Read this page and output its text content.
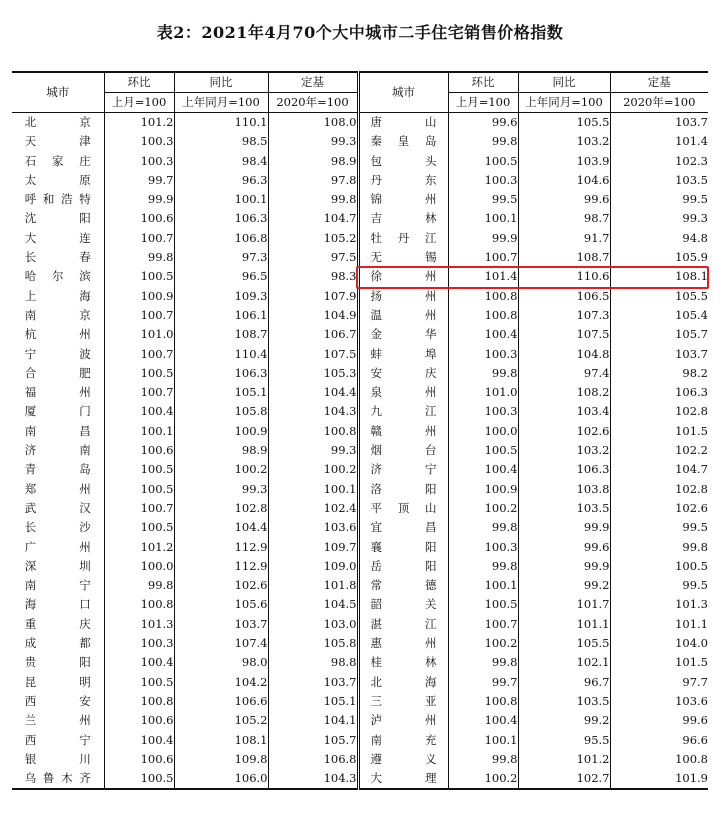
表2：2021年4月70个大中城市二手住宅销售价格指数
城市	环比	同比	定基	城市	环比	同比	定基
	上月=100	上年同月=100	2020年=100		上月=100	上年同月=100	2020年=100

北京	101.2	110.1	108.0	唐山	99.6	105.5	103.7

天津	100.3	98.5	99.3	秦皇岛	99.8	103.2	101.4

石家庄	100.3	98.4	98.9	包头	100.5	103.9	102.3

太原	99.7	96.3	97.8	丹东	100.3	104.6	103.5

呼和浩特	99.9	100.1	99.8	锦州	99.5	99.6	99.5

沈阳	100.6	106.3	104.7	吉林	100.1	98.7	99.3

大连	100.7	106.8	105.2	牡丹江	99.9	91.7	94.8

长春	99.8	97.3	97.5	无锡	100.7	108.7	105.9

哈尔滨	100.5	96.5	98.3	徐州	101.4	110.6	108.1

上海	100.9	109.3	107.9	扬州	100.8	106.5	105.5

南京	100.7	106.1	104.9	温州	100.8	107.3	105.4

杭州	101.0	108.7	106.7	金华	100.4	107.5	105.7

宁波	100.7	110.4	107.5	蚌埠	100.3	104.8	103.7

合肥	100.5	106.3	105.3	安庆	99.8	97.4	98.2

福州	100.7	105.1	104.4	泉州	101.0	108.2	106.3

厦门	100.4	105.8	104.3	九江	100.3	103.4	102.8

南昌	100.1	100.9	100.8	赣州	100.0	102.6	101.5

济南	100.6	98.9	99.3	烟台	100.5	103.2	102.2

青岛	100.5	100.2	100.2	济宁	100.4	106.3	104.7

郑州	100.5	99.3	100.1	洛阳	100.9	103.8	102.8

武汉	100.7	102.8	102.4	平顶山	100.2	103.5	102.6

长沙	100.5	104.4	103.6	宜昌	99.8	99.9	99.5

广州	101.2	112.9	109.7	襄阳	100.3	99.6	99.8

深圳	100.0	112.9	109.0	岳阳	99.8	99.9	100.5

南宁	99.8	102.6	101.8	常德	100.1	99.2	99.5

海口	100.8	105.6	104.5	韶关	100.5	101.7	101.3

重庆	101.3	103.7	103.0	湛江	100.7	101.1	101.1

成都	100.3	107.4	105.8	惠州	100.2	105.5	104.0

贵阳	100.4	98.0	98.8	桂林	99.8	102.1	101.5

昆明	100.5	104.2	103.7	北海	99.7	96.7	97.7

西安	100.8	106.6	105.1	三亚	100.8	103.5	103.6

兰州	100.6	105.2	104.1	泸州	100.4	99.2	99.6

西宁	100.4	108.1	105.7	南充	100.1	95.5	96.6

银川	100.6	109.8	106.8	遵义	99.8	101.2	100.8

乌鲁木齐	100.5	106.0	104.3	大理	100.2	102.7	101.9
